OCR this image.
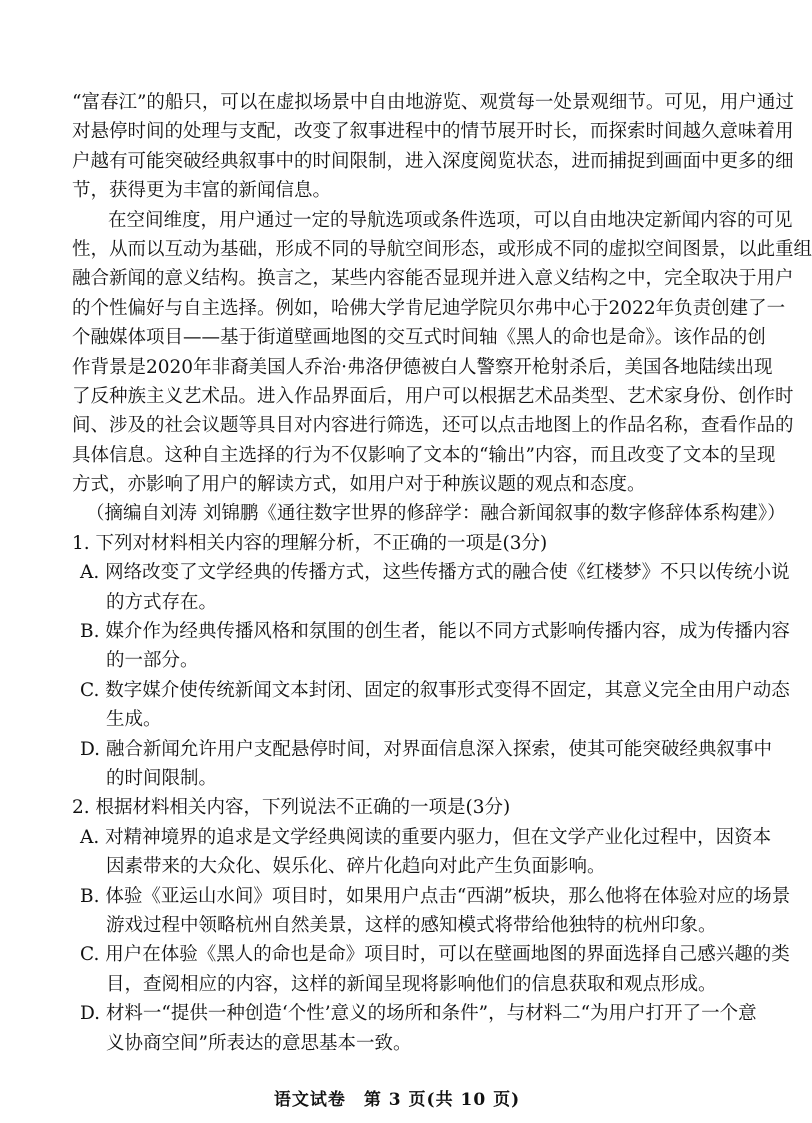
“富春江”的船只，可以在虚拟场景中自由地游览、观赏每一处景观细节。可见，用户通过

对悬停时间的处理与支配，改变了叙事进程中的情节展开时长，而探索时间越久意味着用

户越有可能突破经典叙事中的时间限制，进入深度阅览状态，进而捕捉到画面中更多的细

节，获得更为丰富的新闻信息。

在空间维度，用户通过一定的导航选项或条件选项，可以自由地决定新闻内容的可见

性，从而以互动为基础，形成不同的导航空间形态，或形成不同的虚拟空间图景，以此重组

融合新闻的意义结构。换言之，某些内容能否显现并进入意义结构之中，完全取决于用户

的个性偏好与自主选择。例如，哈佛大学肯尼迪学院贝尔弗中心于2022年负责创建了一

个融媒体项目——基于街道壁画地图的交互式时间轴《黑人的命也是命》。该作品的创

作背景是2020年非裔美国人乔治·弗洛伊德被白人警察开枪射杀后，美国各地陆续出现

了反种族主义艺术品。进入作品界面后，用户可以根据艺术品类型、艺术家身份、创作时

间、涉及的社会议题等具目对内容进行筛选，还可以点击地图上的作品名称，查看作品的

具体信息。这种自主选择的行为不仅影响了文本的“输出”内容，而且改变了文本的呈现

方式，亦影响了用户的解读方式，如用户对于种族议题的观点和态度。

（摘编自刘涛 刘锦鹏《通往数字世界的修辞学：融合新闻叙事的数字修辞体系构建》）

1. 下列对材料相关内容的理解分析，不正确的一项是(3分)

A. 网络改变了文学经典的传播方式，这些传播方式的融合使《红楼梦》不只以传统小说

的方式存在。

B. 媒介作为经典传播风格和氛围的创生者，能以不同方式影响传播内容，成为传播内容

的一部分。

C. 数字媒介使传统新闻文本封闭、固定的叙事形式变得不固定，其意义完全由用户动态

生成。

D. 融合新闻允许用户支配悬停时间，对界面信息深入探索，使其可能突破经典叙事中

的时间限制。

2. 根据材料相关内容，下列说法不正确的一项是(3分)

A. 对精神境界的追求是文学经典阅读的重要内驱力，但在文学产业化过程中，因资本

因素带来的大众化、娱乐化、碎片化趋向对此产生负面影响。

B. 体验《亚运山水间》项目时，如果用户点击“西湖”板块，那么他将在体验对应的场景

游戏过程中领略杭州自然美景，这样的感知模式将带给他独特的杭州印象。

C. 用户在体验《黑人的命也是命》项目时，可以在壁画地图的界面选择自己感兴趣的类

目，查阅相应的内容，这样的新闻呈现将影响他们的信息获取和观点形成。

D. 材料一“提供一种创造‘个性’意义的场所和条件”，与材料二“为用户打开了一个意

义协商空间”所表达的意思基本一致。

语文试卷　第 3 页(共 10 页)
